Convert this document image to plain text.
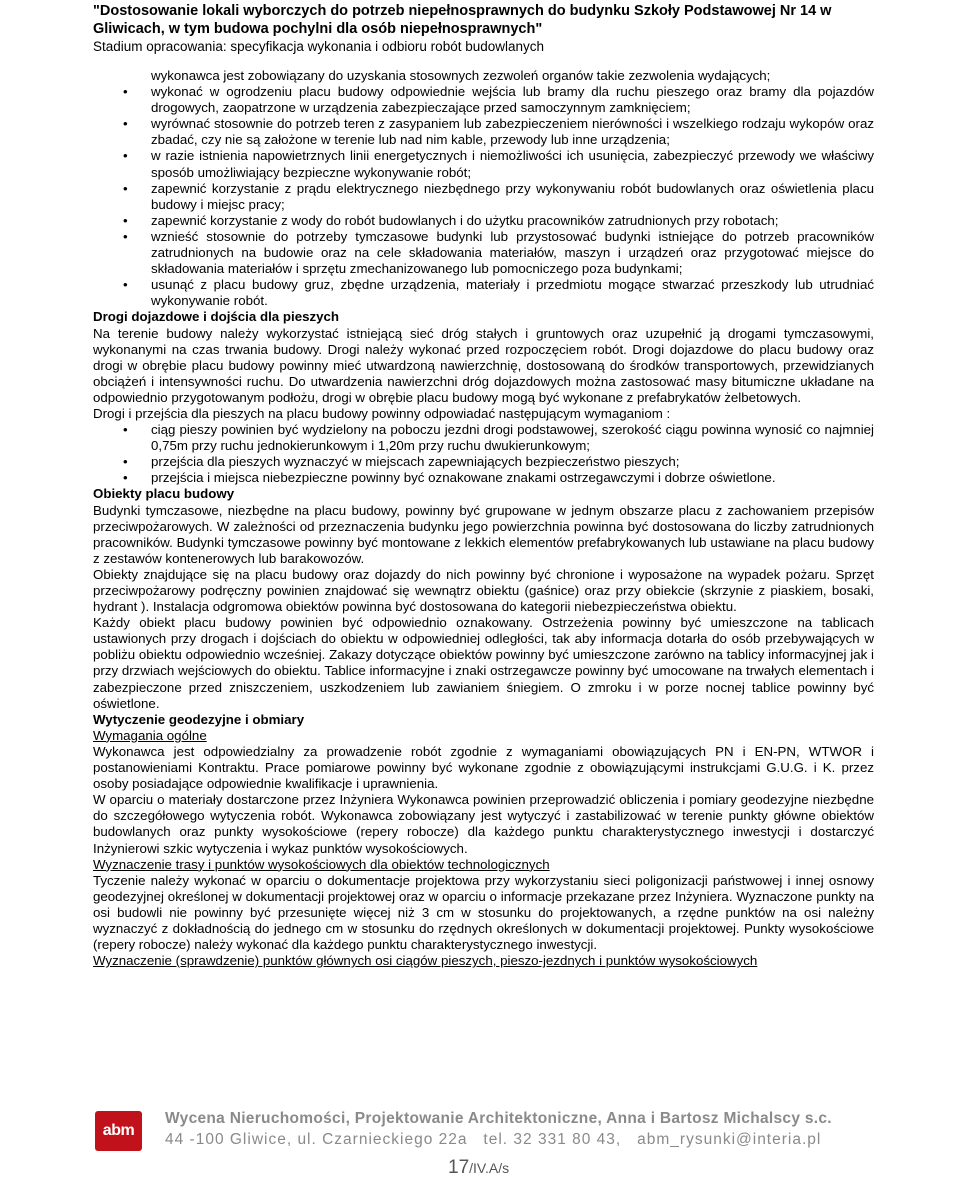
"Dostosowanie lokali wyborczych do potrzeb niepełnosprawnych do budynku Szkoły Podstawowej Nr 14 w
Gliwicach, w tym budowa pochylni dla osób niepełnosprawnych"
Stadium opracowania: specyfikacja wykonania i odbioru robót budowlanych
wykonawca jest zobowiązany do uzyskania stosownych zezwoleń organów takie zezwolenia wydających;
• wykonać w ogrodzeniu placu budowy odpowiednie wejścia lub bramy dla ruchu pieszego oraz bramy dla pojazdów drogowych, zaopatrzone w urządzenia zabezpieczające przed samoczynnym zamknięciem;
• wyrównać stosownie do potrzeb teren z zasypaniem lub zabezpieczeniem nierówności i wszelkiego rodzaju wykopów oraz zbadać, czy nie są założone w terenie lub nad nim kable, przewody lub inne urządzenia;
• w razie istnienia napowietrznych linii energetycznych i niemożliwości ich usunięcia, zabezpieczyć przewody we właściwy sposób umożliwiający bezpieczne wykonywanie robót;
• zapewnić korzystanie z prądu elektrycznego niezbędnego przy wykonywaniu robót budowlanych oraz oświetlenia placu budowy i miejsc pracy;
• zapewnić korzystanie z wody do robót budowlanych i do użytku pracowników zatrudnionych przy robotach;
• wznieść stosownie do potrzeby tymczasowe budynki lub przystosować budynki istniejące do potrzeb pracowników zatrudnionych na budowie oraz na cele składowania materiałów, maszyn i urządzeń oraz przygotować miejsce do składowania materiałów i sprzętu zmechanizowanego lub pomocniczego poza budynkami;
• usunąć z placu budowy gruz, zbędne urządzenia, materiały i przedmiotu mogące stwarzać przeszkody lub utrudniać wykonywanie robót.
Drogi dojazdowe i dojścia dla pieszych

Na terenie budowy należy wykorzystać istniejącą sieć dróg stałych i gruntowych oraz uzupełnić ją drogami tymczasowymi, wykonanymi na czas trwania budowy. Drogi należy wykonać przed rozpoczęciem robót. Drogi dojazdowe do placu budowy oraz drogi w obrębie placu budowy powinny mieć utwardzoną nawierzchnię, dostosowaną do środków transportowych, przewidzianych obciążeń i intensywności ruchu. Do utwardzenia nawierzchni dróg dojazdowych można zastosować masy bitumiczne układane na odpowiednio przygotowanym podłożu, drogi w obrębie placu budowy mogą być wykonane z prefabrykatów żelbetowych.

Drogi i przejścia dla pieszych na placu budowy powinny odpowiadać następującym wymaganiom :

• ciąg pieszy powinien być wydzielony na poboczu jezdni drogi podstawowej, szerokość ciągu powinna wynosić co najmniej 0,75m przy ruchu jednokierunkowym i 1,20m przy ruchu dwukierunkowym;
• przejścia dla pieszych wyznaczyć w miejscach zapewniających bezpieczeństwo pieszych;
• przejścia i miejsca niebezpieczne powinny być oznakowane znakami ostrzegawczymi i dobrze oświetlone.
Obiekty placu budowy

Budynki tymczasowe, niezbędne na placu budowy, powinny być grupowane w jednym obszarze placu z zachowaniem przepisów przeciwpożarowych. W zależności od przeznaczenia budynku jego powierzchnia powinna być dostosowana do liczby zatrudnionych pracowników. Budynki tymczasowe powinny być montowane z lekkich elementów prefabrykowanych lub ustawiane na placu budowy z zestawów kontenerowych lub barakowozów.

Obiekty znajdujące się na placu budowy oraz dojazdy do nich powinny być chronione i wyposażone na wypadek pożaru. Sprzęt przeciwpożarowy podręczny powinien znajdować się wewnątrz obiektu (gaśnice) oraz przy obiekcie (skrzynie z piaskiem, bosaki, hydrant ). Instalacja odgromowa obiektów powinna być dostosowana do kategorii niebezpieczeństwa obiektu.

Każdy obiekt placu budowy powinien być odpowiednio oznakowany. Ostrzeżenia powinny być umieszczone na tablicach ustawionych przy drogach i dojściach do obiektu w odpowiedniej odległości, tak aby informacja dotarła do osób przebywających w pobliżu obiektu odpowiednio wcześniej. Zakazy dotyczące obiektów powinny być umieszczone zarówno na tablicy informacyjnej jak i przy drzwiach wejściowych do obiektu. Tablice informacyjne i znaki ostrzegawcze powinny być umocowane na trwałych elementach i zabezpieczone przed zniszczeniem, uszkodzeniem lub zawianiem śniegiem. O zmroku i w porze nocnej tablice powinny być oświetlone.

Wytyczenie geodezyjne i obmiary

Wymagania ogólne

Wykonawca jest odpowiedzialny za prowadzenie robót zgodnie z wymaganiami obowiązujących PN i EN-PN, WTWOR i postanowieniami Kontraktu. Prace pomiarowe powinny być wykonane zgodnie z obowiązującymi instrukcjami G.U.G. i K. przez osoby posiadające odpowiednie kwalifikacje i uprawnienia.

W oparciu o materiały dostarczone przez Inżyniera Wykonawca powinien przeprowadzić obliczenia i pomiary geodezyjne niezbędne do szczegółowego wytyczenia robót. Wykonawca zobowiązany jest wytyczyć i zastabilizować w terenie punkty główne obiektów budowlanych oraz punkty wysokościowe (repery robocze) dla każdego punktu charakterystycznego inwestycji i dostarczyć Inżynierowi szkic wytyczenia i wykaz punktów wysokościowych.

Wyznaczenie trasy i punktów wysokościowych dla obiektów technologicznych

Tyczenie należy wykonać w oparciu o dokumentacje projektowa przy wykorzystaniu sieci poligonizacji państwowej i innej osnowy geodezyjnej określonej w dokumentacji projektowej oraz w oparciu o informacje przekazane przez Inżyniera. Wyznaczone punkty na osi budowli nie powinny być przesunięte więcej niż 3 cm w stosunku do projektowanych, a rzędne punktów na osi należny wyznaczyć z dokładnością do jednego cm w stosunku do rzędnych określonych w dokumentacji projektowej. Punkty wysokościowe (repery robocze) należy wykonać dla każdego punktu charakterystycznego inwestycji.

Wyznaczenie (sprawdzenie) punktów głównych osi ciągów pieszych, pieszo-jezdnych i punktów wysokościowych

abm
Wycena Nieruchomości, Projektowanie Architektoniczne, Anna i Bartosz Michalscy s.c.
44 -100 Gliwice, ul. Czarnieckiego 22a tel. 32 331 80 43, abm_rysunki@interia.pl
17/IV.A/s
